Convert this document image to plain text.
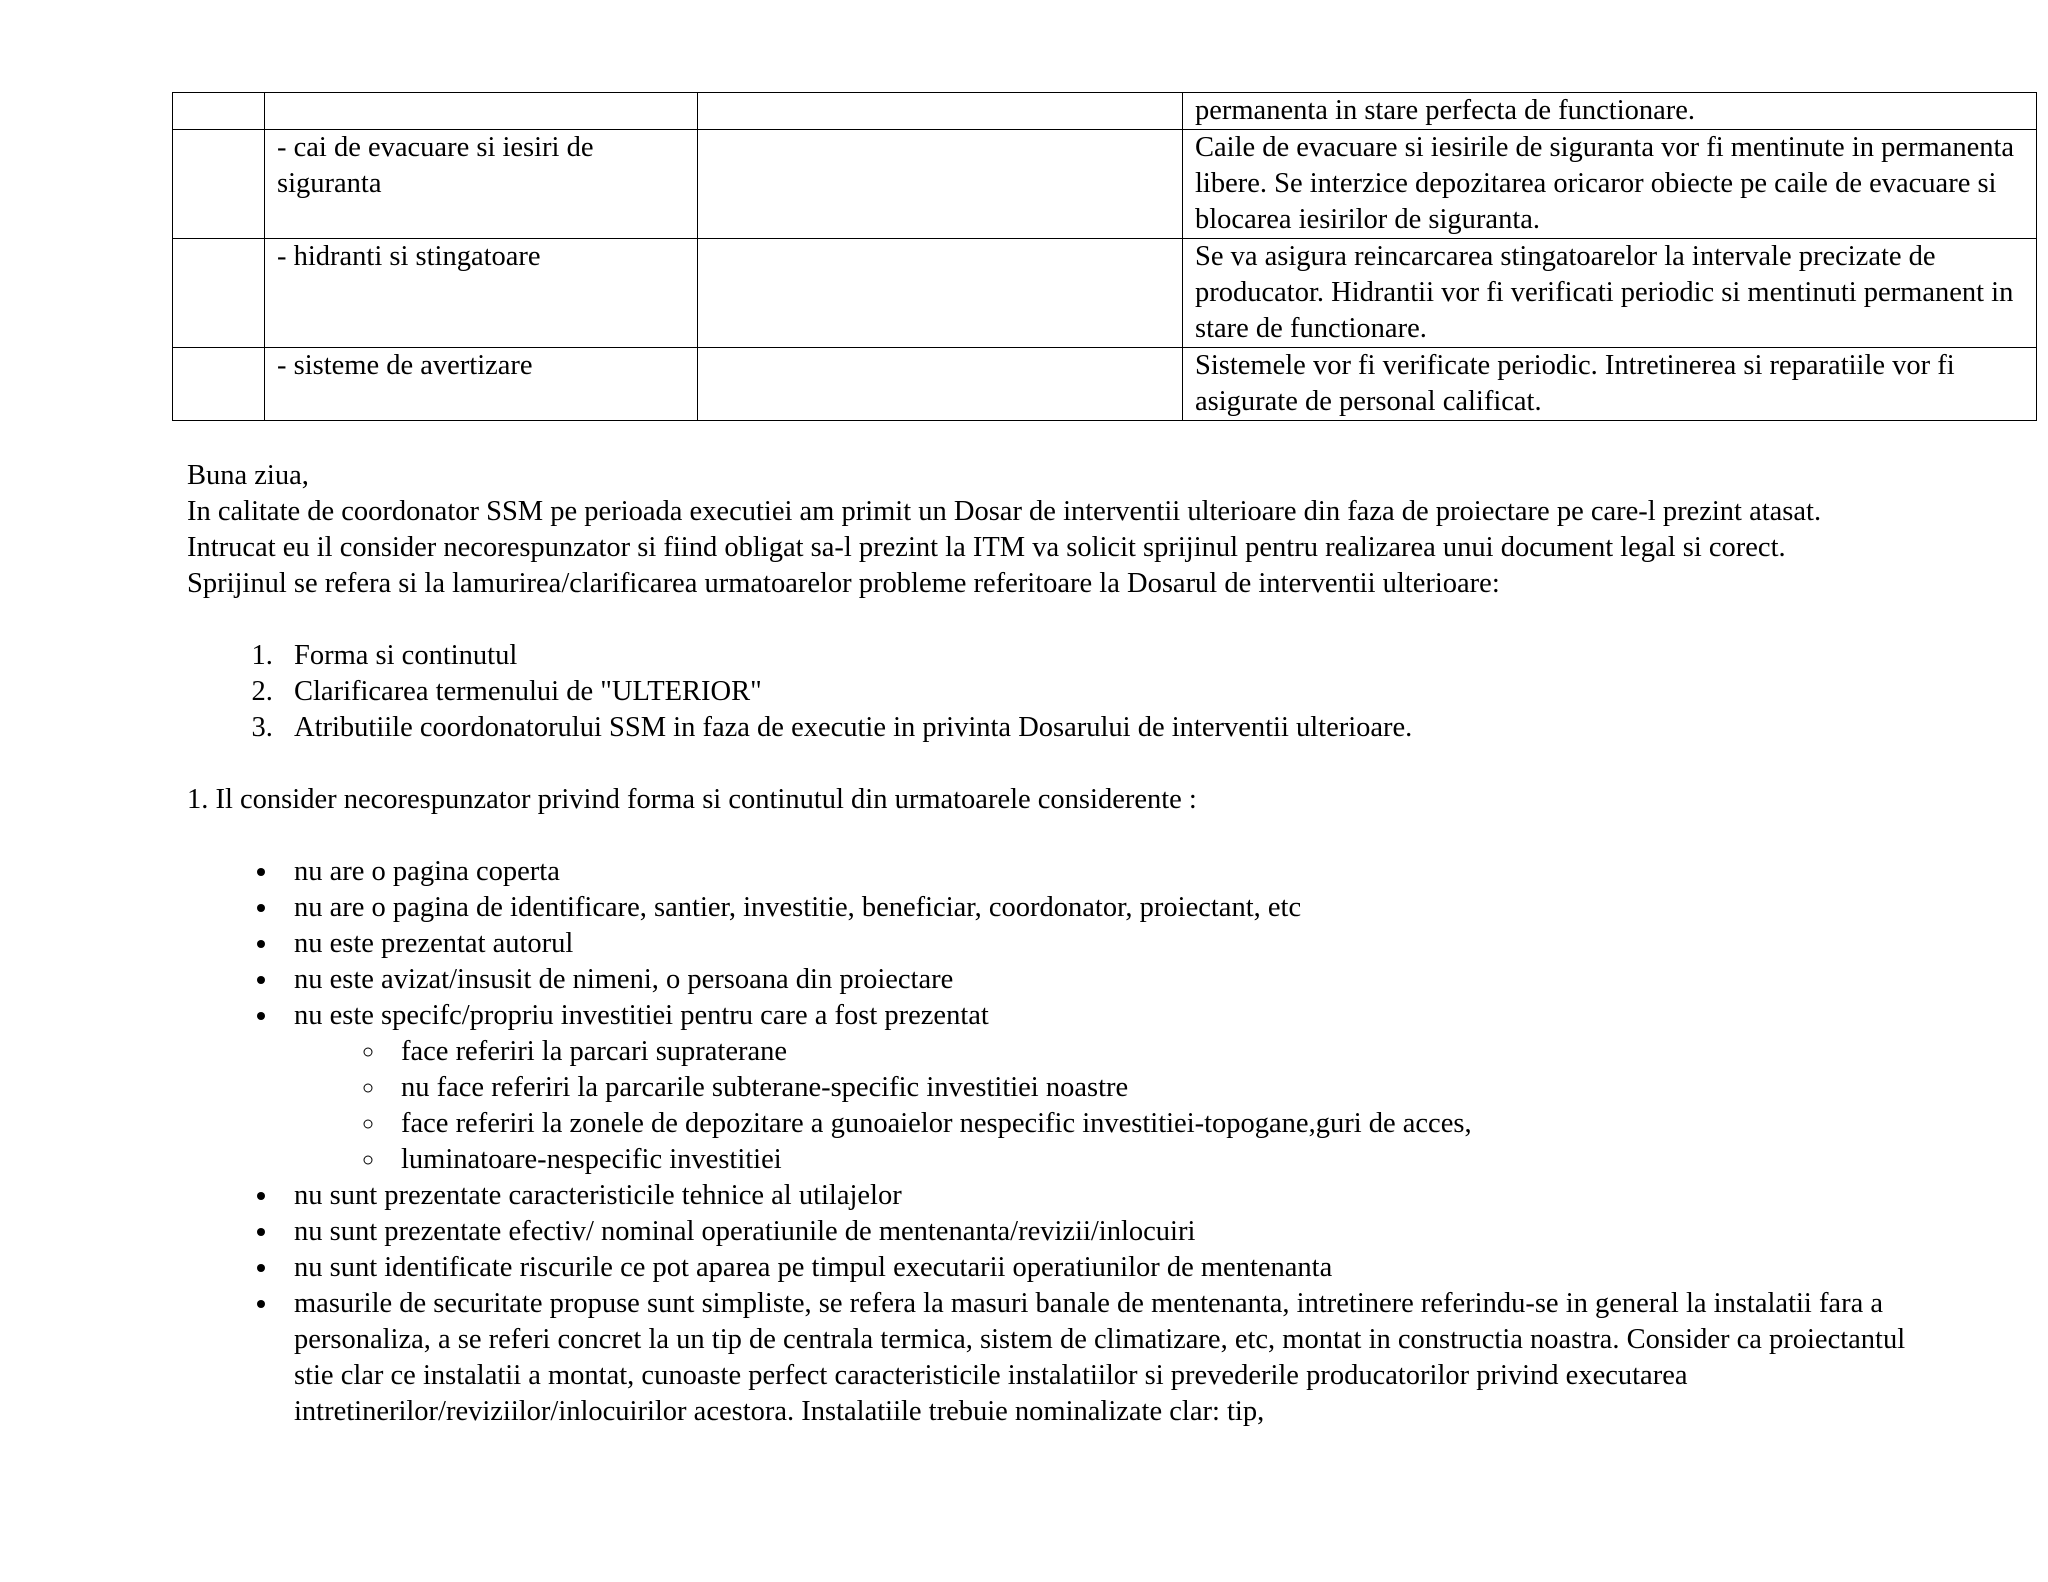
			permanenta in stare perfecta de functionare.
	- cai de evacuare si iesiri de siguranta		Caile de evacuare si iesirile de siguranta vor fi mentinute in permanenta libere. Se interzice depozitarea oricaror obiecte pe caile de evacuare si blocarea iesirilor de siguranta.
	- hidranti si stingatoare		Se va asigura reincarcarea stingatoarelor la intervale precizate de producator. Hidrantii vor fi verificati periodic si mentinuti permanent in stare de functionare.
	- sisteme de avertizare		Sistemele vor fi verificate periodic. Intretinerea si reparatiile vor fi asigurate de personal calificat.

Buna ziua,

In calitate de coordonator SSM pe perioada executiei am primit un Dosar de interventii ulterioare din faza de proiectare pe care-l prezint atasat.

Intrucat eu il consider necorespunzator si fiind obligat sa-l prezint la ITM va solicit sprijinul pentru realizarea unui document legal si corect.

Sprijinul se refera si la lamurirea/clarificarea urmatoarelor probleme referitoare la Dosarul de interventii ulterioare:

1. Forma si continutul
2. Clarificarea termenului de "ULTERIOR"
3. Atributiile coordonatorului SSM in faza de executie in privinta Dosarului de interventii ulterioare.

1. Il consider necorespunzator privind forma si continutul din urmatoarele considerente :

• nu are o pagina coperta
• nu are o pagina de identificare, santier, investitie, beneficiar, coordonator, proiectant, etc
• nu este prezentat autorul
• nu este avizat/insusit de nimeni, o persoana din proiectare
• nu este specifc/propriu investitiei pentru care a fost prezentat
◦ face referiri la parcari supraterane
◦ nu face referiri la parcarile subterane-specific investitiei noastre
◦ face referiri la zonele de depozitare a gunoaielor nespecific investitiei-topogane,guri de acces,
◦ luminatoare-nespecific investitiei
• nu sunt prezentate caracteristicile tehnice al utilajelor
• nu sunt prezentate efectiv/ nominal operatiunile de mentenanta/revizii/inlocuiri
• nu sunt identificate riscurile ce pot aparea pe timpul executarii operatiunilor de mentenanta
• masurile de securitate propuse sunt simpliste, se refera la masuri banale de mentenanta, intretinere referindu-se in general la instalatii fara a personaliza, a se referi concret la un tip de centrala termica, sistem de climatizare, etc, montat in constructia noastra. Consider ca proiectantul stie clar ce instalatii a montat, cunoaste perfect caracteristicile instalatiilor si prevederile producatorilor privind executarea intretinerilor/reviziilor/inlocuirilor acestora. Instalatiile trebuie nominalizate clar: tip,
